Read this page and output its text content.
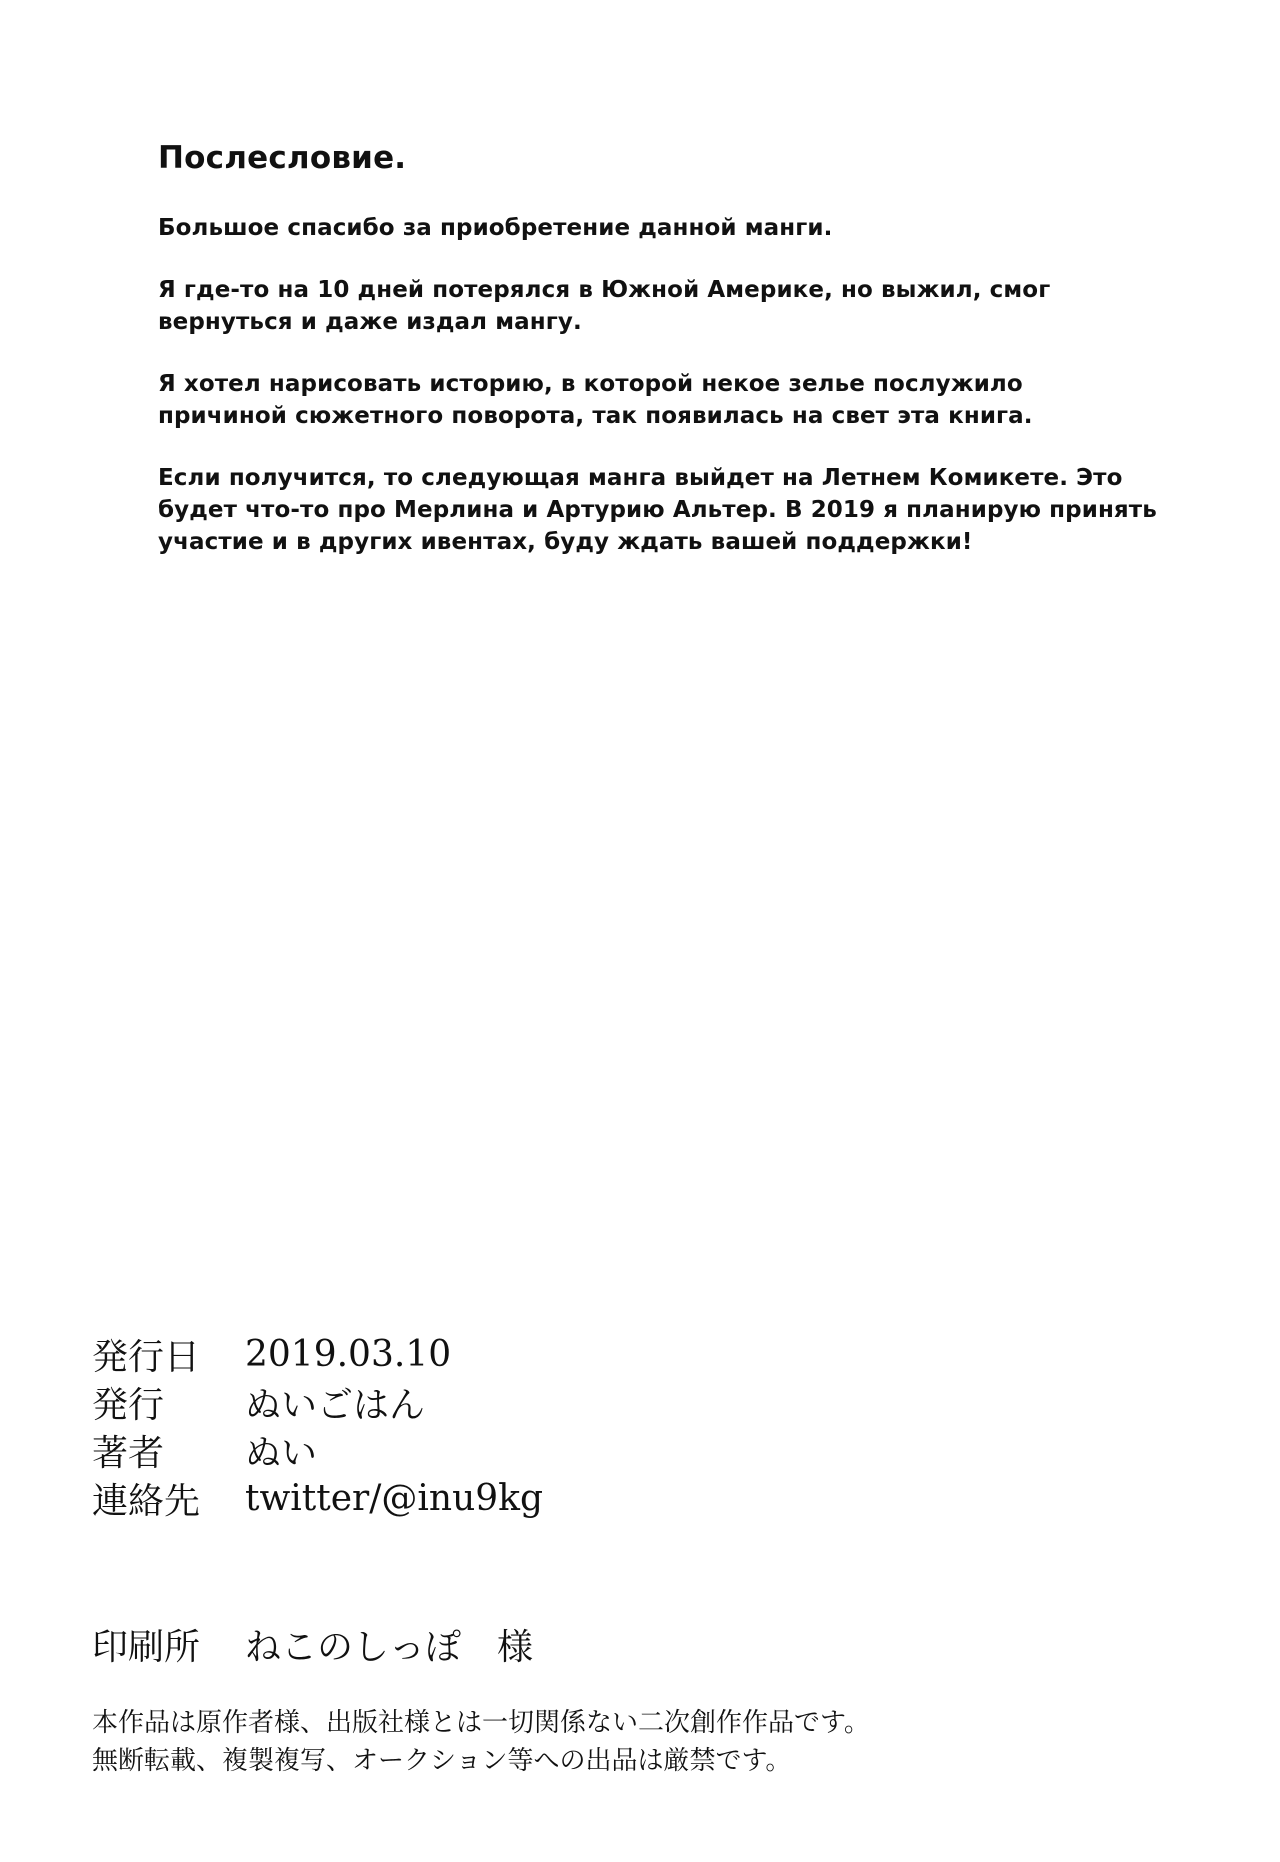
Послесловие.

Большое спасибо за приобретение данной манги.

Я где-то на 10 дней потерялся в Южной Америке, но выжил, смог вернуться и даже издал мангу.

Я хотел нарисовать историю, в которой некое зелье послужило причиной сюжетного поворота, так появилась на свет эта книга.

Если получится, то следующая манга выйдет на Летнем Комикете. Это будет что-то про Мерлина и Артурию Альтер. В 2019 я планирую принять участие и в других ивентах, буду ждать вашей поддержки!

発行日	2019.03.10
発行	ぬいごはん
著者	ぬい
連絡先	twitter/@inu9kg
印刷所	ねこのしっぽ 様
本作品は原作者様、出版社様とは一切関係ない二次創作作品です。
無断転載、複製複写、オークション等への出品は厳禁です。
